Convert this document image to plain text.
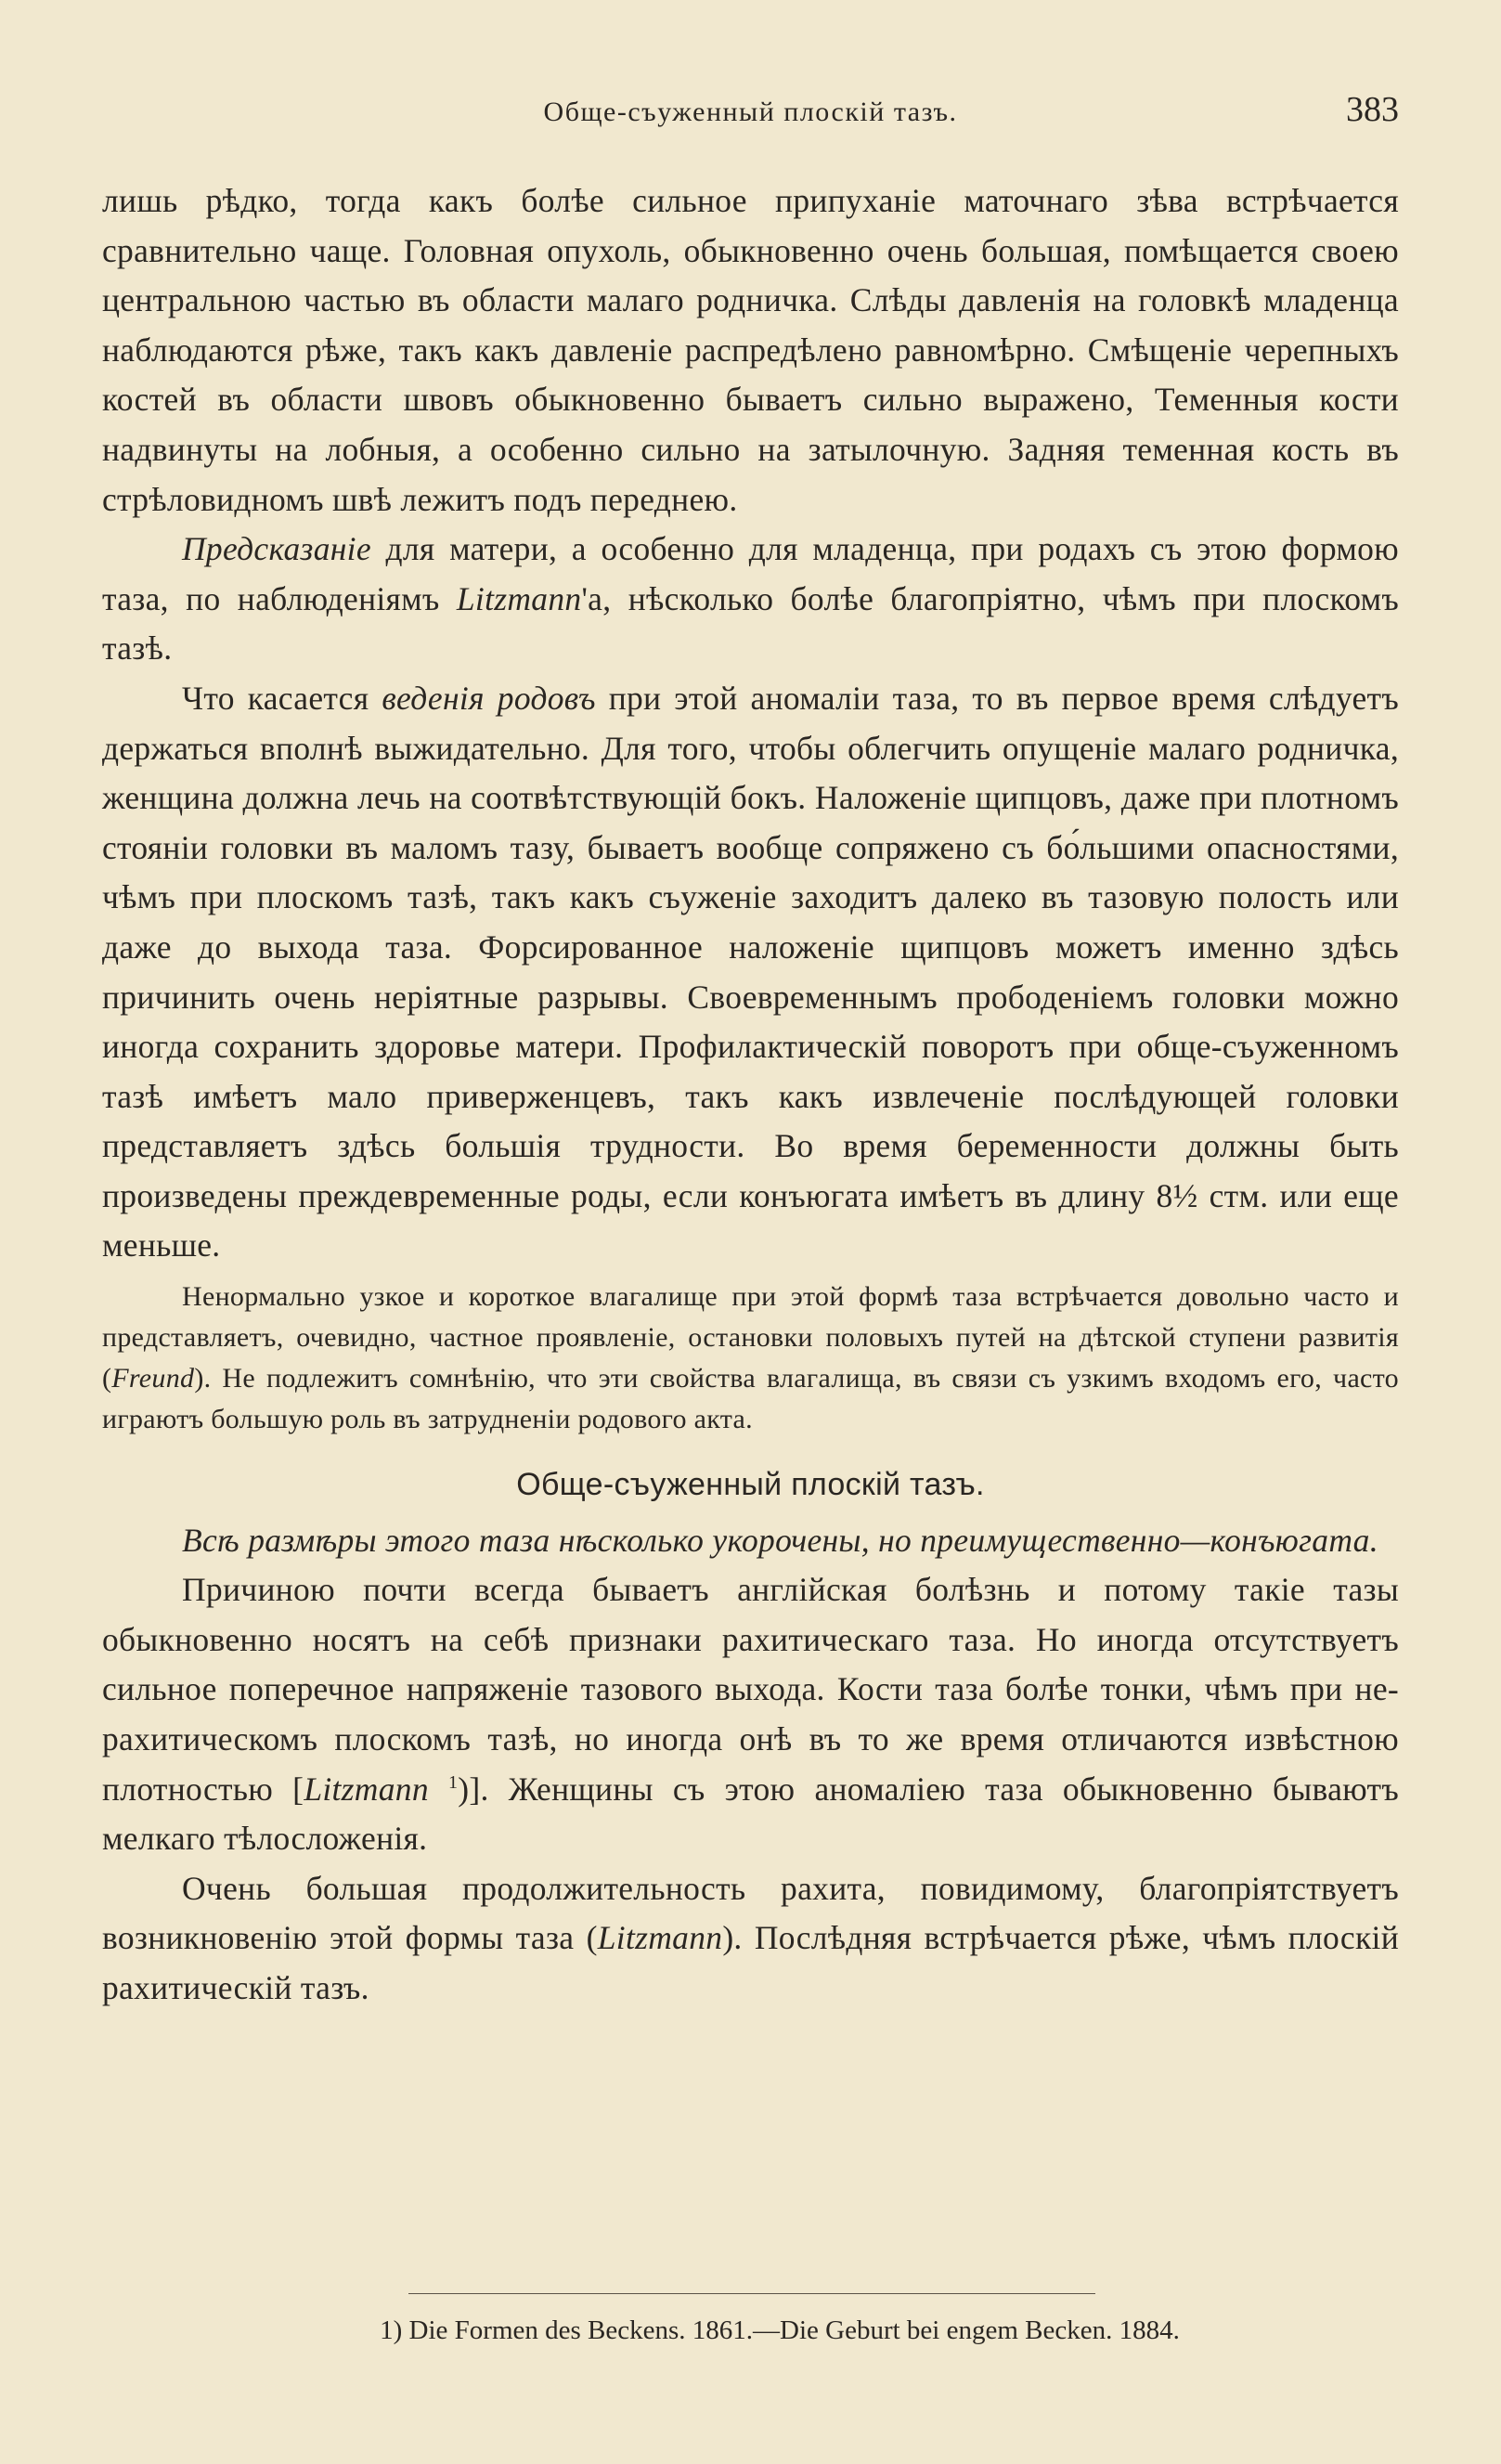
Обще-съуженный плоскій тазъ.	383

лишь рѣдко, тогда какъ болѣе сильное припуханіе маточнаго зѣва встрѣчается сравнительно чаще. Головная опухоль, обыкновенно очень большая, помѣщается своею центральною частью въ области малаго родничка. Слѣды давленія на головкѣ младенца наблюдаются рѣже, такъ какъ давленіе распредѣлено равномѣрно. Смѣщеніе черепныхъ костей въ области швовъ обыкновенно бываетъ сильно выражено, Теменныя кости надвинуты на лобныя, а особенно сильно на затылочную. Задняя теменная кость въ стрѣловидномъ швѣ лежитъ подъ переднею.

Предсказаніе для матери, а особенно для младенца, при родахъ съ этою формою таза, по наблюденіямъ Litzmann'а, нѣсколько болѣе благопріятно, чѣмъ при плоскомъ тазѣ.

Что касается веденія родовъ при этой аномаліи таза, то въ первое время слѣдуетъ держаться вполнѣ выжидательно. Для того, чтобы облегчить опущеніе малаго родничка, женщина должна лечь на соотвѣтствующій бокъ. Наложеніе щипцовъ, даже при плотномъ стояніи головки въ маломъ тазу, бываетъ вообще сопряжено съ бо́льшими опасностями, чѣмъ при плоскомъ тазѣ, такъ какъ съуженіе заходитъ далеко въ тазовую полость или даже до выхода таза. Форсированное наложеніе щипцовъ можетъ именно здѣсь причинить очень неріятные разрывы. Своевременнымъ прободеніемъ головки можно иногда сохранить здоровье матери. Профилактическій поворотъ при обще-съуженномъ тазѣ имѣетъ мало приверженцевъ, такъ какъ извлеченіе послѣдующей головки представляетъ здѣсь большія трудности. Во время беременности должны быть произведены преждевременные роды, если конъюгата имѣетъ въ длину 8½ стм. или еще меньше.

Ненормально узкое и короткое влагалище при этой формѣ таза встрѣчается довольно часто и представляетъ, очевидно, частное проявленіе, остановки половыхъ путей на дѣтской ступени развитія (Freund). Не подлежитъ сомнѣнію, что эти свойства влагалища, въ связи съ узкимъ входомъ его, часто играютъ большую роль въ затрудненіи родового акта.

Обще-съуженный плоскій тазъ.

Всѣ размѣры этого таза нѣсколько укорочены, но преимущественно—конъюгата.

Причиною почти всегда бываетъ англійская болѣзнь и потому такіе тазы обыкновенно носятъ на себѣ признаки рахитическаго таза. Но иногда отсутствуетъ сильное поперечное напряженіе тазового выхода. Кости таза болѣе тонки, чѣмъ при не-рахитическомъ плоскомъ тазѣ, но иногда онѣ въ то же время отличаются извѣстною плотностью [Litzmann $^1$)]. Женщины съ этою аномаліею таза обыкновенно бываютъ мелкаго тѣлосложенія.

Очень большая продолжительность рахита, повидимому, благопріятствуетъ возникновенію этой формы таза (Litzmann). Послѣдняя встрѣчается рѣже, чѣмъ плоскій рахитическій тазъ.

1) Die Formen des Beckens. 1861.—Die Geburt bei engem Becken. 1884.
